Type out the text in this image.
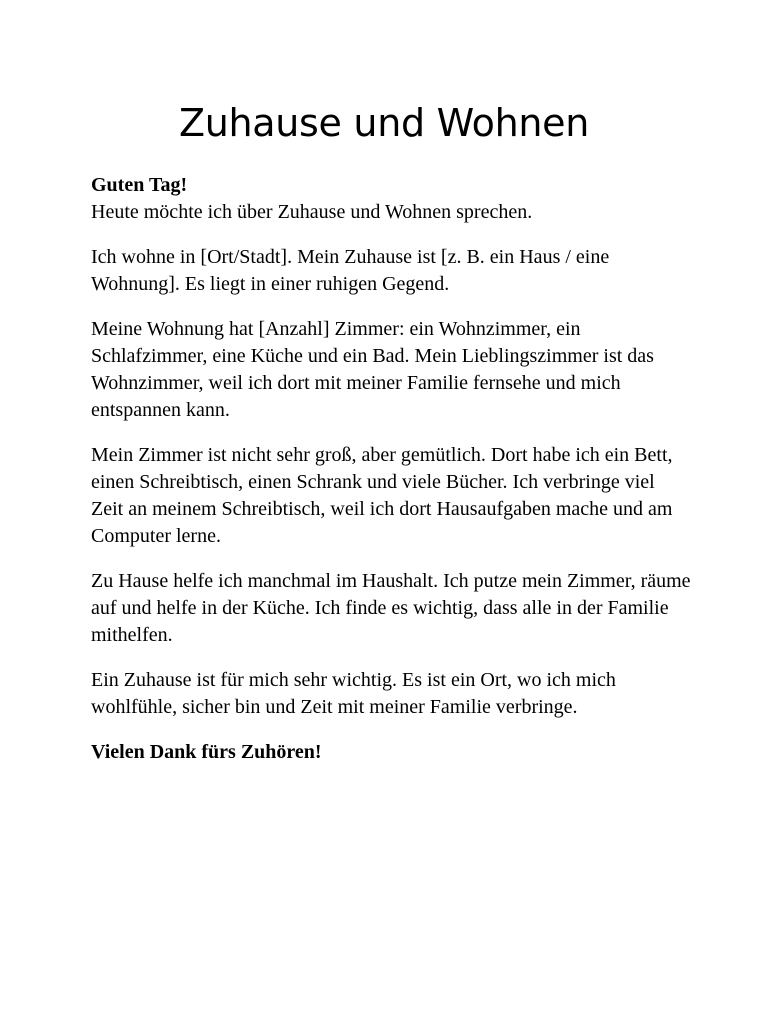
Zuhause und Wohnen

Guten Tag!
Heute möchte ich über Zuhause und Wohnen sprechen.

Ich wohne in [Ort/Stadt]. Mein Zuhause ist [z. B. ein Haus / eine Wohnung]. Es liegt in einer ruhigen Gegend.

Meine Wohnung hat [Anzahl] Zimmer: ein Wohnzimmer, ein Schlafzimmer, eine Küche und ein Bad. Mein Lieblingszimmer ist das Wohnzimmer, weil ich dort mit meiner Familie fernsehe und mich entspannen kann.

Mein Zimmer ist nicht sehr groß, aber gemütlich. Dort habe ich ein Bett, einen Schreibtisch, einen Schrank und viele Bücher. Ich verbringe viel Zeit an meinem Schreibtisch, weil ich dort Hausaufgaben mache und am Computer lerne.

Zu Hause helfe ich manchmal im Haushalt. Ich putze mein Zimmer, räume auf und helfe in der Küche. Ich finde es wichtig, dass alle in der Familie mithelfen.

Ein Zuhause ist für mich sehr wichtig. Es ist ein Ort, wo ich mich wohlfühle, sicher bin und Zeit mit meiner Familie verbringe.

Vielen Dank fürs Zuhören!
